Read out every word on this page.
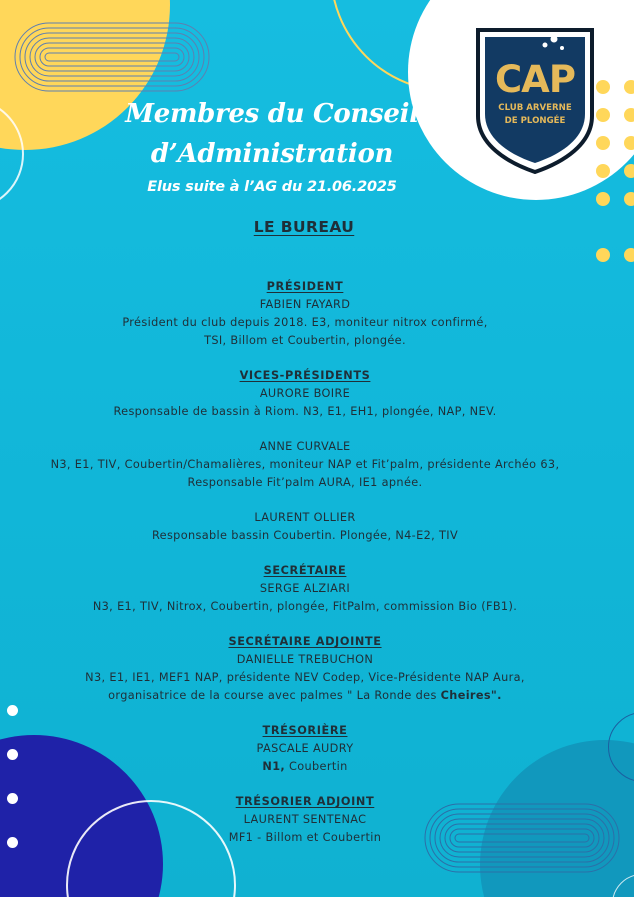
CAP
CLUB ARVERNE
DE PLONGÉE
Membres du Conseil
d’Administration
Elus suite à l’AG du 21.06.2025
LE BUREAU
PRÉSIDENT
FABIEN FAYARD
Président du club depuis 2018. E3, moniteur nitrox confirmé,
TSI, Billom et Coubertin, plongée.
VICES-PRÉSIDENTS
AURORE BOIRE
Responsable de bassin à Riom. N3, E1, EH1, plongée, NAP, NEV.
ANNE CURVALE
N3, E1, TIV, Coubertin/Chamalières, moniteur NAP et Fit’palm, présidente Archéo 63,
Responsable Fit’palm AURA, IE1 apnée.
LAURENT OLLIER
Responsable bassin Coubertin. Plongée, N4-E2, TIV
SECRÉTAIRE
SERGE ALZIARI
N3, E1, TIV, Nitrox, Coubertin, plongée, FitPalm, commission Bio (FB1).
SECRÉTAIRE ADJOINTE
DANIELLE TREBUCHON
N3, E1, IE1, MEF1 NAP, présidente NEV Codep, Vice-Présidente NAP Aura,
organisatrice de la course avec palmes " La Ronde des Cheires".
TRÉSORIÈRE
PASCALE AUDRY
N1, Coubertin
TRÉSORIER ADJOINT
LAURENT SENTENAC
MF1 - Billom et Coubertin
